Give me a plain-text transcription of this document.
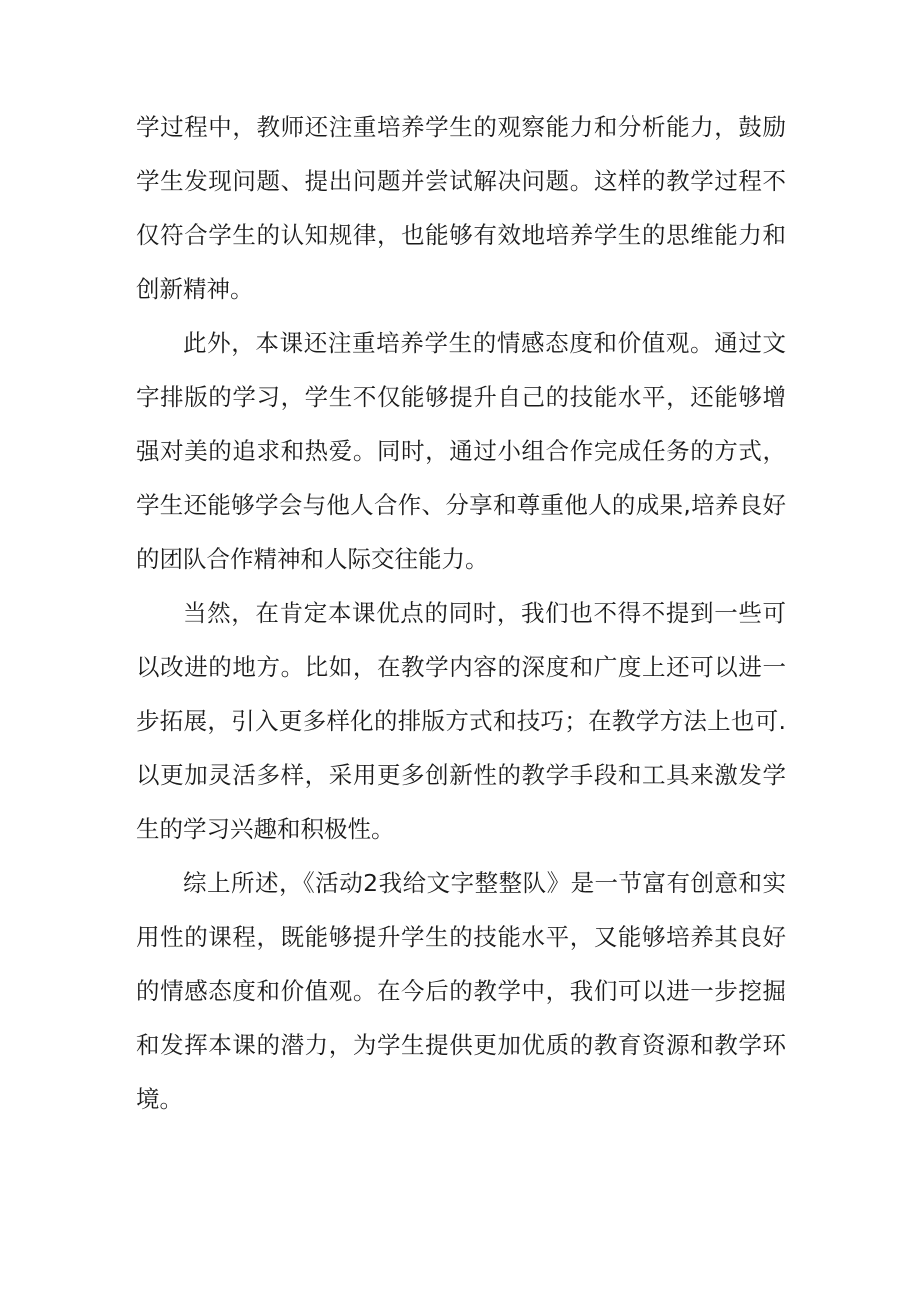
学过程中，教师还注重培养学生的观察能力和分析能力，鼓励学生发现问题、提出问题并尝试解决问题。这样的教学过程不仅符合学生的认知规律，也能够有效地培养学生的思维能力和创新精神。

此外，本课还注重培养学生的情感态度和价值观。通过文字排版的学习，学生不仅能够提升自己的技能水平，还能够增强对美的追求和热爱。同时，通过小组合作完成任务的方式，学生还能够学会与他人合作、分享和尊重他人的成果,培养良好的团队合作精神和人际交往能力。

当然，在肯定本课优点的同时，我们也不得不提到一些可以改进的地方。比如，在教学内容的深度和广度上还可以进一步拓展，引入更多样化的排版方式和技巧；在教学方法上也可.以更加灵活多样，采用更多创新性的教学手段和工具来激发学生的学习兴趣和积极性。

综上所述，《活动2我给文字整整队》是一节富有创意和实用性的课程，既能够提升学生的技能水平，又能够培养其良好的情感态度和价值观。在今后的教学中，我们可以进一步挖掘和发挥本课的潜力，为学生提供更加优质的教育资源和教学环境。
